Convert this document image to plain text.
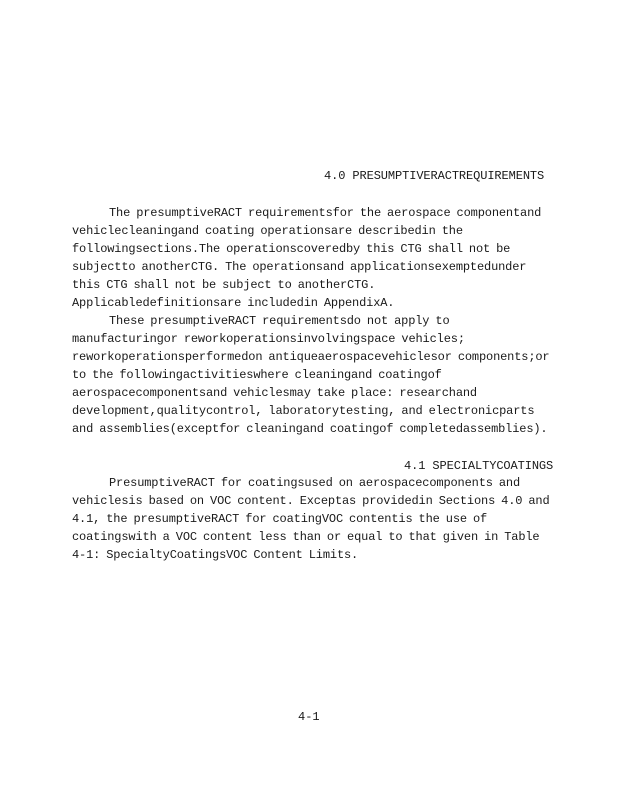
4.0 PRESUMPTIVERACTREQUIREMENTS
The presumptiveRACT requirementsfor the aerospace componentand vehiclecleaningand coating operationsare describedin the followingsections.The operationscoveredby this CTG shall not be subjectto anotherCTG. The operationsand applicationsexemptedunder this CTG shall not be subject to anotherCTG. Applicabledefinitionsare includedin AppendixA.
These presumptiveRACT requirementsdo not apply to manufacturingor reworkoperationsinvolvingspace vehicles; reworkoperationsperformedon antiqueaerospacevehiclesor components;or to the followingactivitieswhere cleaningand coatingof aerospacecomponentsand vehiclesmay take place: researchand development,qualitycontrol, laboratorytesting, and electronicparts and assemblies(exceptfor cleaningand coatingof completedassemblies).
4.1 SPECIALTYCOATINGS
PresumptiveRACT for coatingsused on aerospacecomponents and vehiclesis based on VOC content. Exceptas providedin Sections 4.0 and 4.1, the presumptiveRACT for coatingVOC contentis the use of coatingswith a VOC content less than or equal to that given in Table 4-1: SpecialtyCoatingsVOC Content Limits.
4-1
